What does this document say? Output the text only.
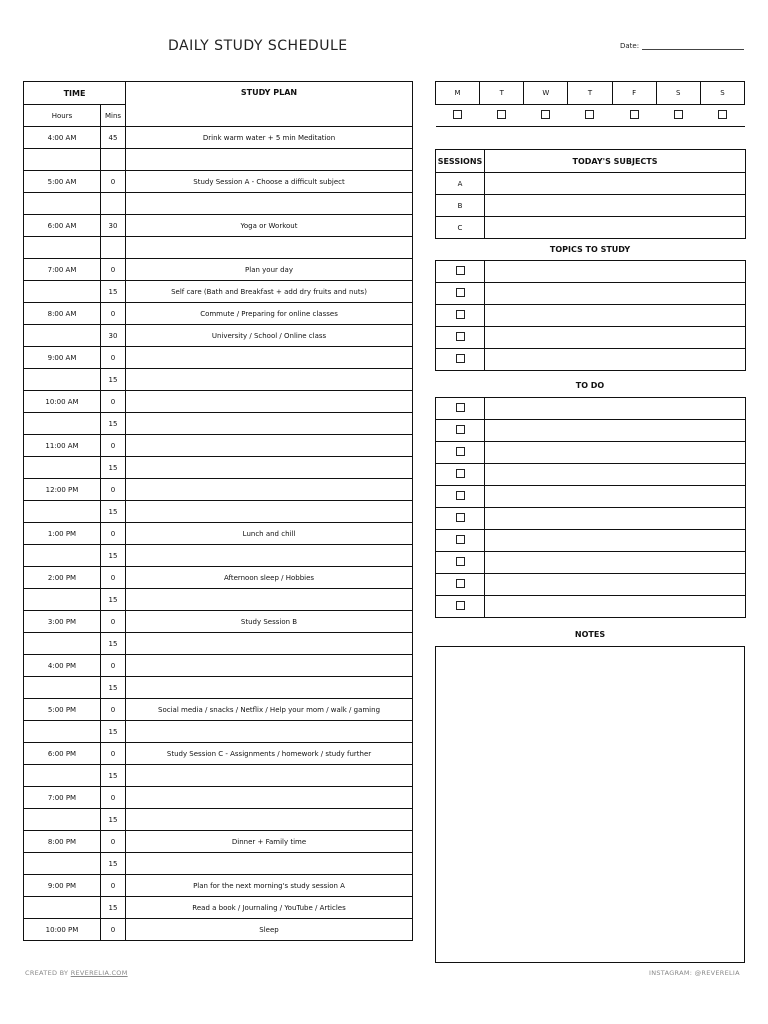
DAILY STUDY SCHEDULE	Date:
TIME		STUDY PLAN
Hours	Mins	
4:00 AM	45	Drink warm water + 5 min Meditation

5:00 AM	0	Study Session A - Choose a difficult subject

6:00 AM	30	Yoga or Workout

7:00 AM	0	Plan your day
	15	Self care (Bath and Breakfast + add dry fruits and nuts)
8:00 AM	0	Commute / Preparing for online classes
	30	University / School / Online class
9:00 AM	0	
	15	
10:00 AM	0	
	15	
11:00 AM	0	
	15	
12:00 PM	0	
	15	
1:00 PM	0	Lunch and chill
	15	
2:00 PM	0	Afternoon sleep / Hobbies
	15	
3:00 PM	0	Study Session B
	15	
4:00 PM	0	
	15	
5:00 PM	0	Social media / snacks / Netflix / Help your mom / walk / gaming
	15	
6:00 PM	0	Study Session C - Assignments / homework / study further
	15	
7:00 PM	0	
	15	
8:00 PM	0	Dinner + Family time
	15	
9:00 PM	0	Plan for the next morning's study session A
	15	Read a book / Journaling / YouTube / Articles
10:00 PM	0	Sleep
M	T	W	T	F	S	S

SESSIONS	TODAY'S SUBJECTS
A	
B	
C	
TOPICS TO STUDY

TO DO

NOTES
CREATED BY REVERELIA.COM	INSTAGRAM: @REVERELIA
